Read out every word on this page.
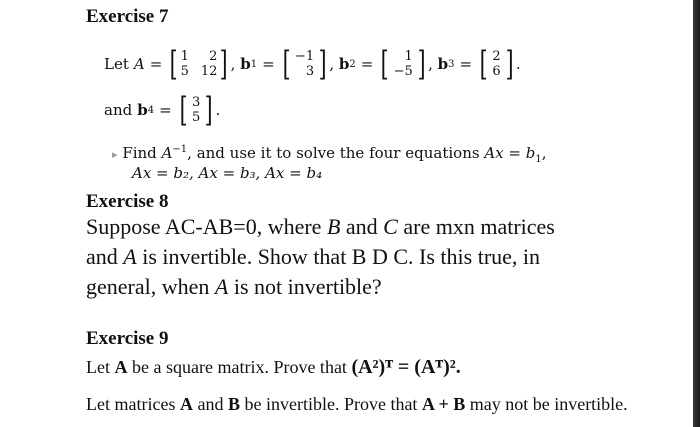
Exercise 7
Let A = [ 1	2
5 12 ] , b 1 = [ −1
3 ] , b 2 = [ 1
−5 ] , b 3 = [ 2
6 ] .
and b 4 = [ 3
5 ] .
▸ Find $A^{-1}$, and use it to solve the four equations $Ax = b_1$,
Ax = b₂, Ax = b₃, Ax = b₄
Exercise 8
Suppose AC-AB=0, where B and C are mxn matrices
and A is invertible. Show that B D C. Is this true, in
general, when A is not invertible?
Exercise 9
Let A be a square matrix. Prove that (A²)ᵀ = (Aᵀ)².
Let matrices A and B be invertible. Prove that A + B may not be invertible.
